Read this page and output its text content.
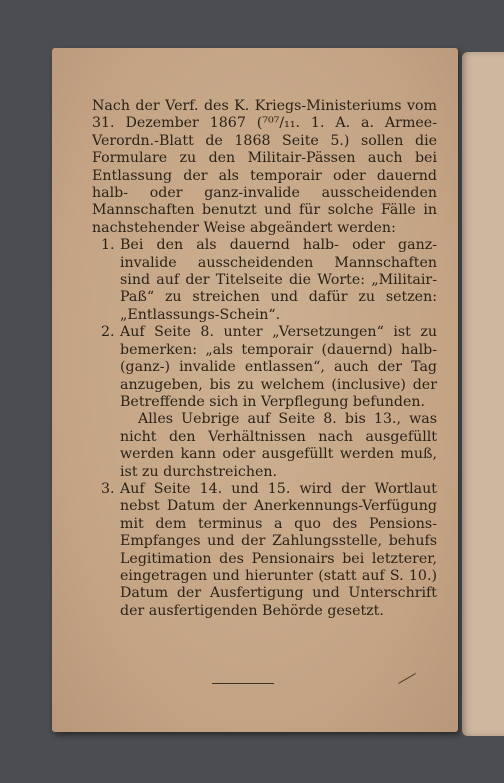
Nach der Verf. des K. Kriegs-Ministeriums vom 31. Dezember 1867 (⁷⁰⁷/₁₁. 1. A. a. Armee-Verordn.-Blatt de 1868 Seite 5.) sollen die Formulare zu den Militair-Pässen auch bei Entlassung der als temporair oder dauernd halb- oder ganz-invalide ausscheidenden Mannschaften benutzt und für solche Fälle in nachstehender Weise abgeändert werden:

1. Bei den als dauernd halb- oder ganz-invalide ausscheidenden Mannschaften sind auf der Titelseite die Worte: „Militair-Paß“ zu streichen und dafür zu setzen: „Entlassungs-Schein“.

2. Auf Seite 8. unter „Versetzungen“ ist zu bemerken: „als temporair (dauernd) halb- (ganz-) invalide entlassen“, auch der Tag anzugeben, bis zu welchem (inclusive) der Betreffende sich in Verpflegung befunden.

Alles Uebrige auf Seite 8. bis 13., was nicht den Verhältnissen nach ausgefüllt werden kann oder ausgefüllt werden muß, ist zu durchstreichen.

3. Auf Seite 14. und 15. wird der Wortlaut nebst Datum der Anerkennungs-Verfügung mit dem terminus a quo des Pensions-Empfanges und der Zahlungsstelle, behufs Legitimation des Pensionairs bei letzterer, eingetragen und hierunter (statt auf S. 10.) Datum der Ausfertigung und Unterschrift der ausfertigenden Behörde gesetzt.
